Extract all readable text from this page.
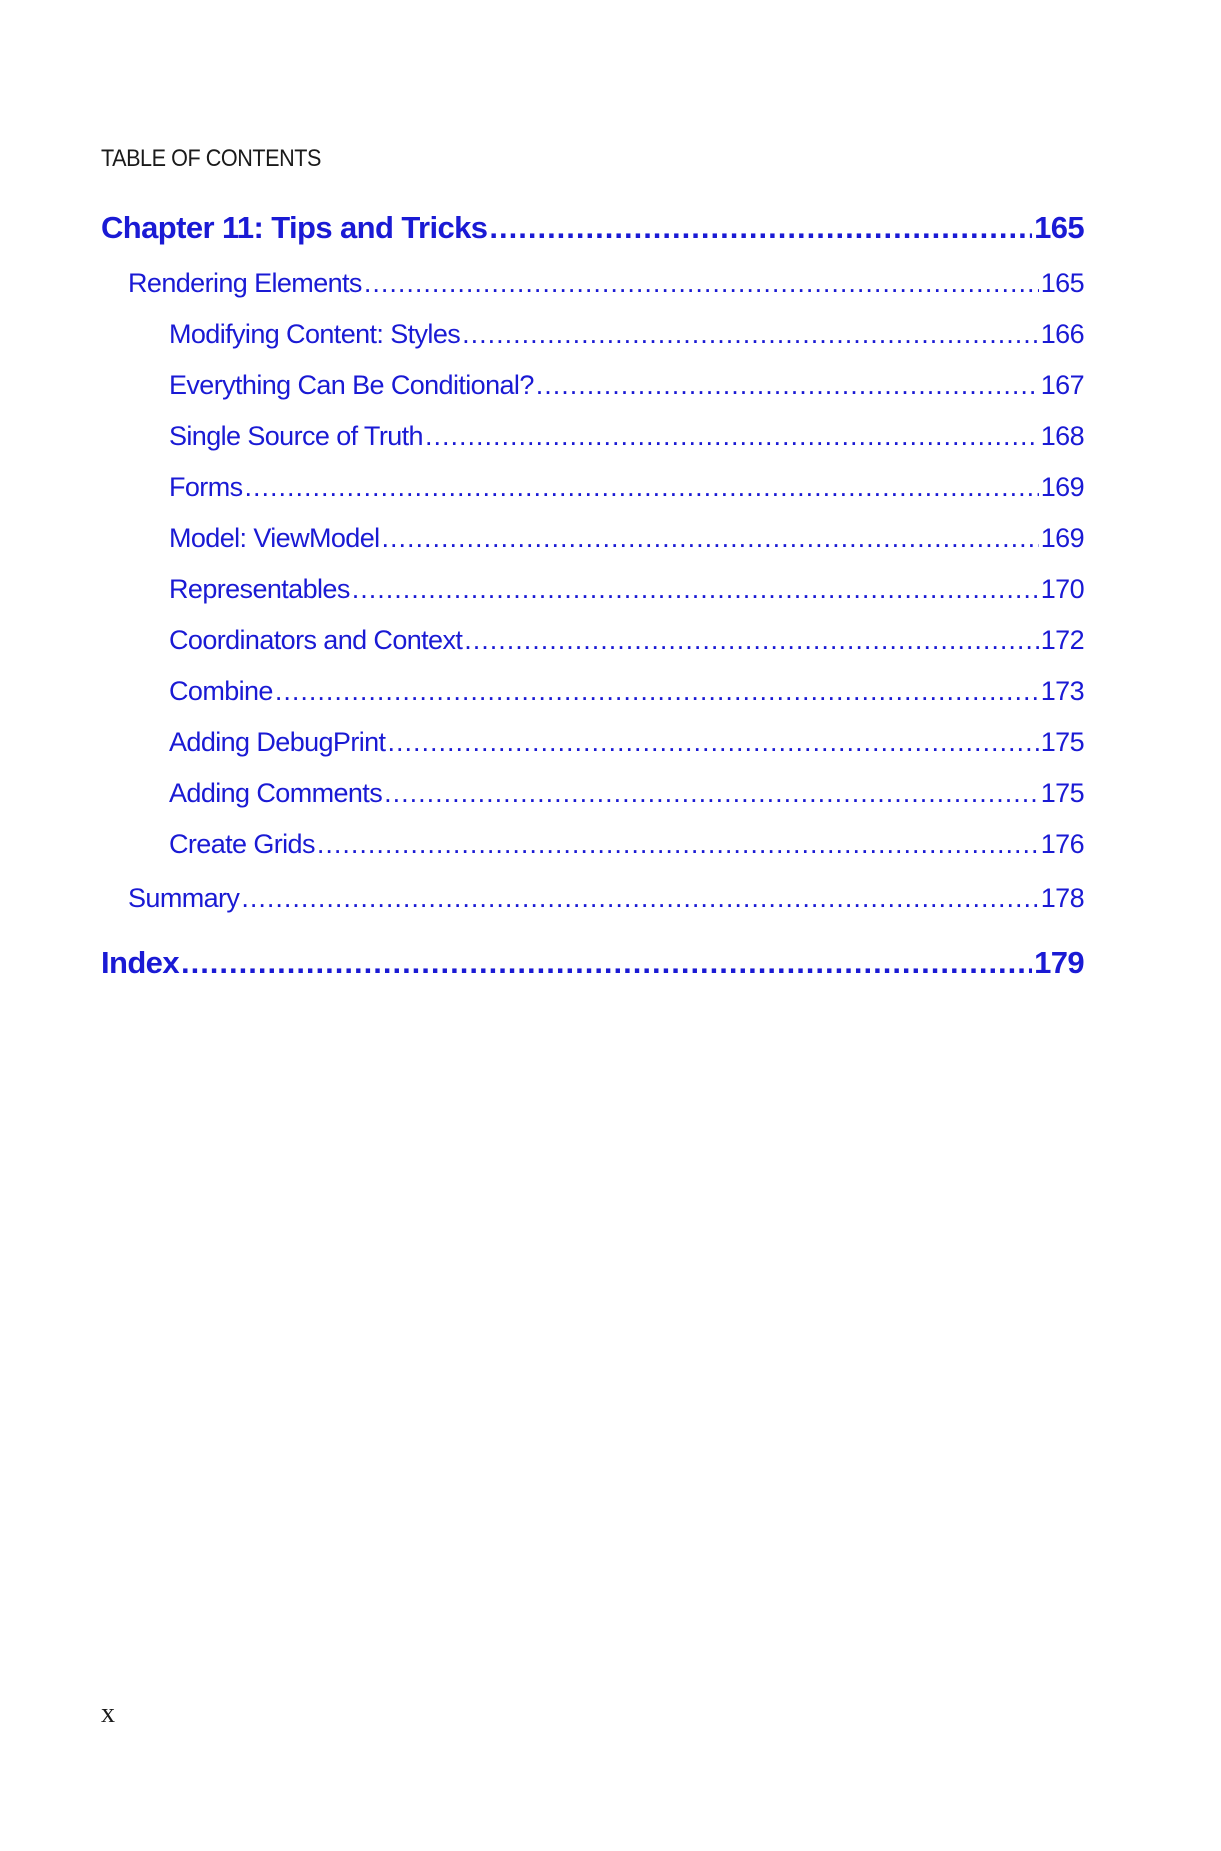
TABLE OF CONTENTS
Chapter 11: Tips and Tricks .....	165
Rendering Elements .....	165
Modifying Content: Styles .....	166
Everything Can Be Conditional? .....	167
Single Source of Truth .....	168
Forms .....	169
Model: ViewModel .....	169
Representables .....	170
Coordinators and Context .....	172
Combine .....	173
Adding DebugPrint .....	175
Adding Comments .....	175
Create Grids .....	176
Summary .....	178
Index .....	179
x
